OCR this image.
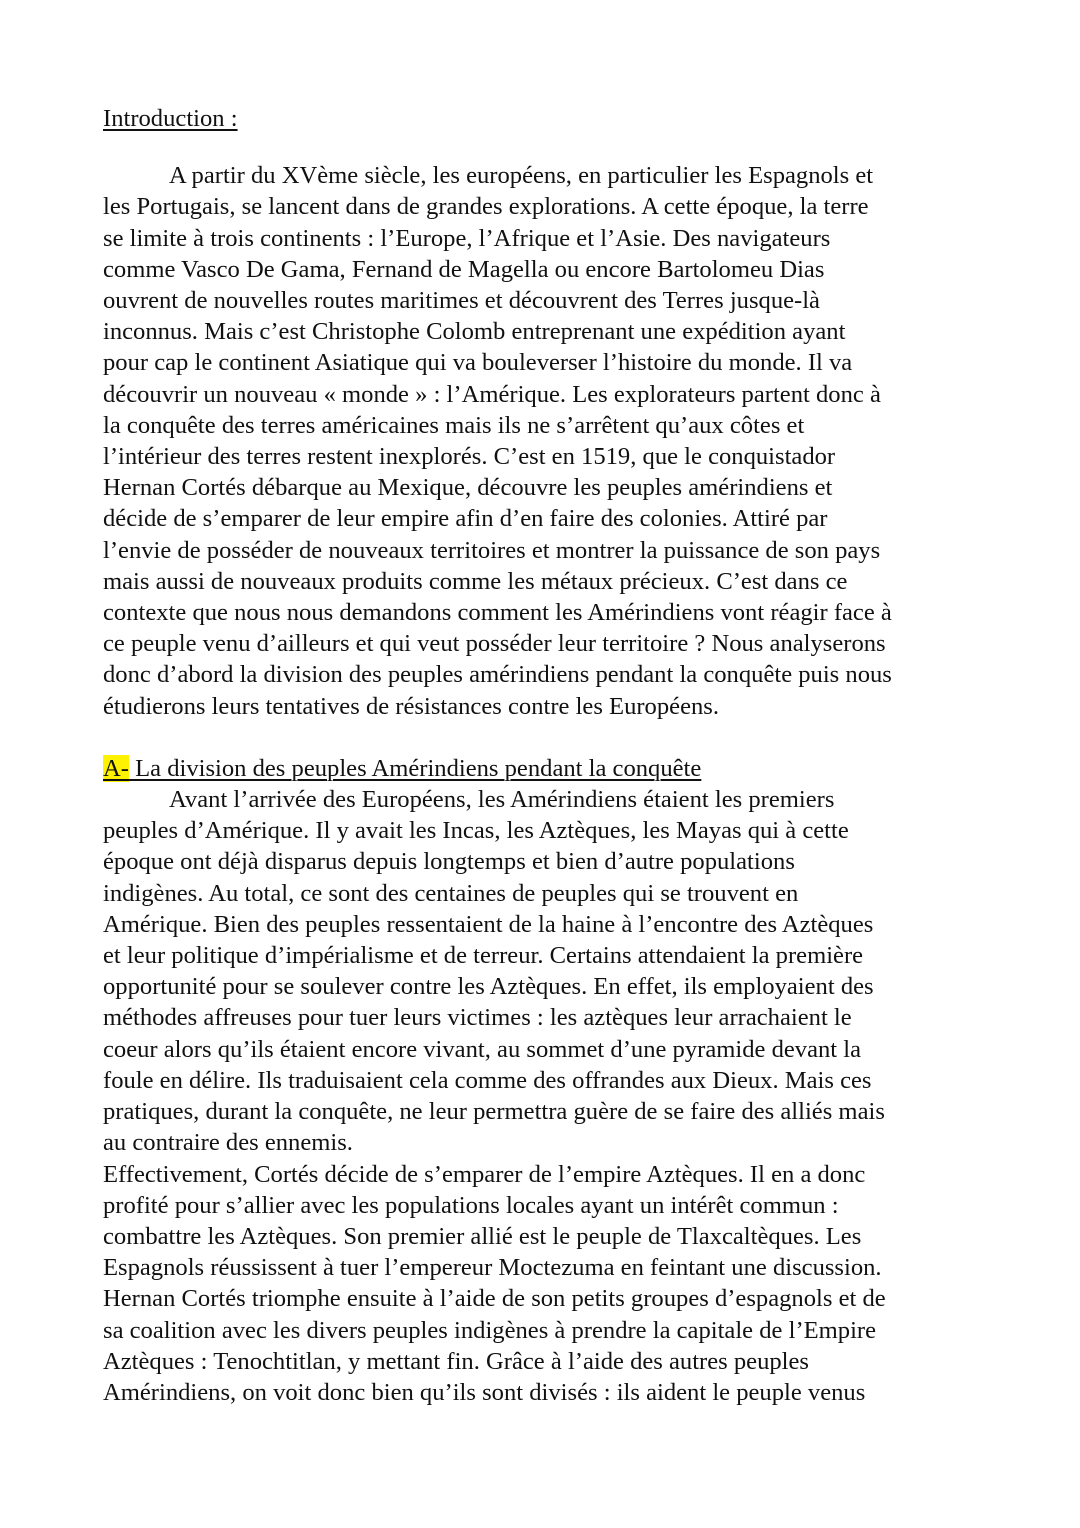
Introduction :
A partir du XVème siècle, les européens, en particulier les Espagnols et
les Portugais, se lancent dans de grandes explorations. A cette époque, la terre
se limite à trois continents : l’Europe, l’Afrique et l’Asie. Des navigateurs
comme Vasco De Gama, Fernand de Magella ou encore Bartolomeu Dias
ouvrent de nouvelles routes maritimes et découvrent des Terres jusque-là
inconnus. Mais c’est Christophe Colomb entreprenant une expédition ayant
pour cap le continent Asiatique qui va bouleverser l’histoire du monde. Il va
découvrir un nouveau « monde » : l’Amérique. Les explorateurs partent donc à
la conquête des terres américaines mais ils ne s’arrêtent qu’aux côtes et
l’intérieur des terres restent inexplorés. C’est en 1519, que le conquistador
Hernan Cortés débarque au Mexique, découvre les peuples amérindiens et
décide de s’emparer de leur empire afin d’en faire des colonies. Attiré par
l’envie de posséder de nouveaux territoires et montrer la puissance de son pays
mais aussi de nouveaux produits comme les métaux précieux. C’est dans ce
contexte que nous nous demandons comment les Amérindiens vont réagir face à
ce peuple venu d’ailleurs et qui veut posséder leur territoire ? Nous analyserons
donc d’abord la division des peuples amérindiens pendant la conquête puis nous
étudierons leurs tentatives de résistances contre les Européens.
A- La division des peuples Amérindiens pendant la conquête
Avant l’arrivée des Européens, les Amérindiens étaient les premiers
peuples d’Amérique. Il y avait les Incas, les Aztèques, les Mayas qui à cette
époque ont déjà disparus depuis longtemps et bien d’autre populations
indigènes. Au total, ce sont des centaines de peuples qui se trouvent en
Amérique. Bien des peuples ressentaient de la haine à l’encontre des Aztèques
et leur politique d’impérialisme et de terreur. Certains attendaient la première
opportunité pour se soulever contre les Aztèques. En effet, ils employaient des
méthodes affreuses pour tuer leurs victimes : les aztèques leur arrachaient le
coeur alors qu’ils étaient encore vivant, au sommet d’une pyramide devant la
foule en délire. Ils traduisaient cela comme des offrandes aux Dieux. Mais ces
pratiques, durant la conquête, ne leur permettra guère de se faire des alliés mais
au contraire des ennemis.
Effectivement, Cortés décide de s’emparer de l’empire Aztèques. Il en a donc
profité pour s’allier avec les populations locales ayant un intérêt commun :
combattre les Aztèques. Son premier allié est le peuple de Tlaxcaltèques. Les
Espagnols réussissent à tuer l’empereur Moctezuma en feintant une discussion.
Hernan Cortés triomphe ensuite à l’aide de son petits groupes d’espagnols et de
sa coalition avec les divers peuples indigènes à prendre la capitale de l’Empire
Aztèques : Tenochtitlan, y mettant fin. Grâce à l’aide des autres peuples
Amérindiens, on voit donc bien qu’ils sont divisés : ils aident le peuple venus
